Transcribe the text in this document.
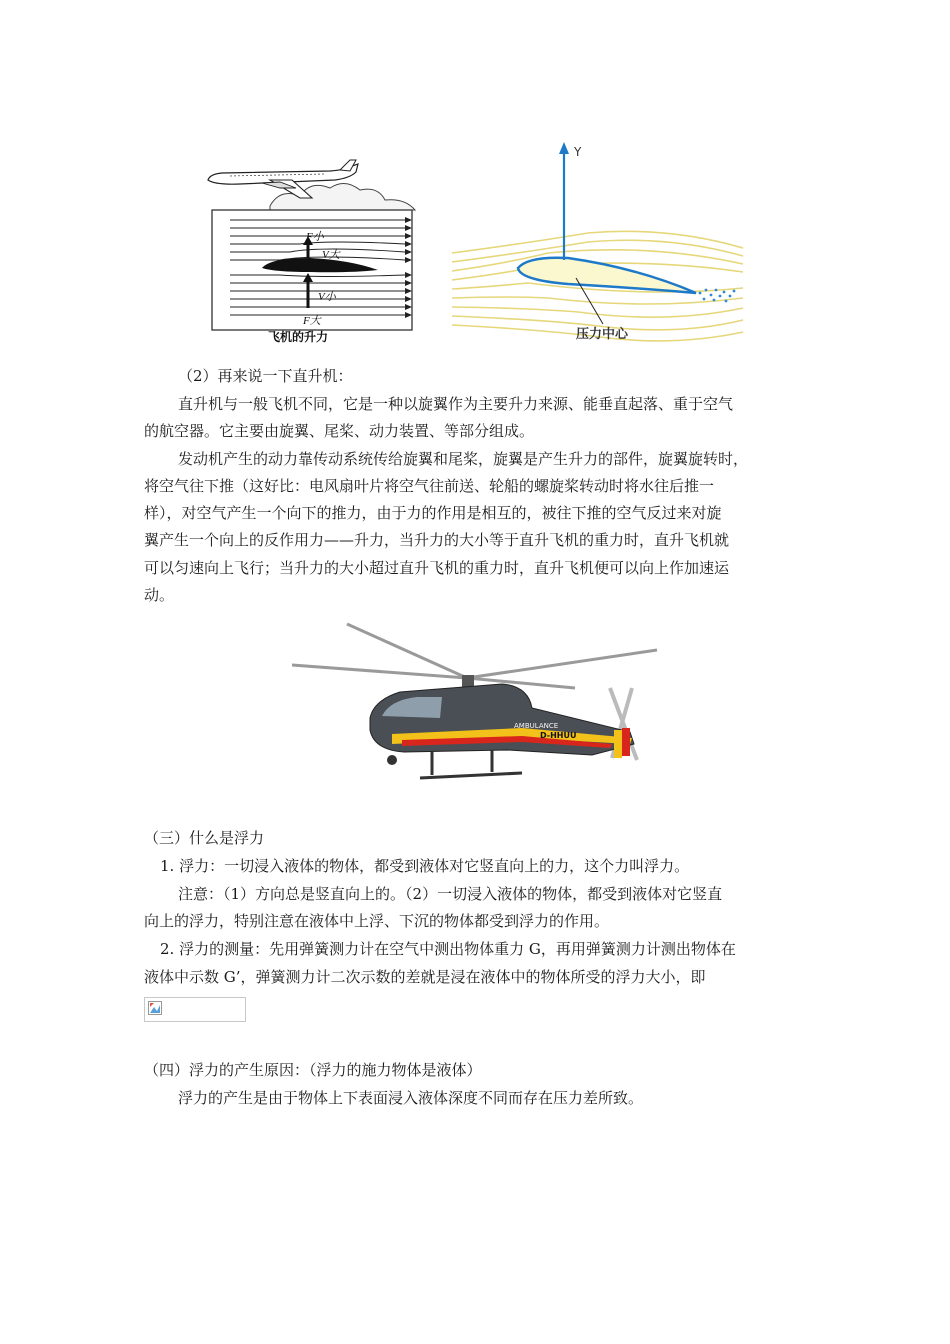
F小
V大
V小
F大
飞机的升力
Y
压力中心
（2）再来说一下直升机：
直升机与一般飞机不同，它是一种以旋翼作为主要升力来源、能垂直起落、重于空气
的航空器。它主要由旋翼、尾桨、动力装置、等部分组成。
发动机产生的动力靠传动系统传给旋翼和尾桨，旋翼是产生升力的部件，旋翼旋转时，
将空气往下推（这好比：电风扇叶片将空气往前送、轮船的螺旋桨转动时将水往后推一
样），对空气产生一个向下的推力，由于力的作用是相互的，被往下推的空气反过来对旋
翼产生一个向上的反作用力——升力，当升力的大小等于直升飞机的重力时，直升飞机就
可以匀速向上飞行；当升力的大小超过直升飞机的重力时，直升飞机便可以向上作加速运
动。
AMBULANCE
D-HHUU
（三）什么是浮力
1. 浮力：一切浸入液体的物体，都受到液体对它竖直向上的力，这个力叫浮力。
注意：（1）方向总是竖直向上的。（2）一切浸入液体的物体，都受到液体对它竖直
向上的浮力，特别注意在液体中上浮、下沉的物体都受到浮力的作用。
2. 浮力的测量：先用弹簧测力计在空气中测出物体重力 G，再用弹簧测力计测出物体在
液体中示数 G’，弹簧测力计二次示数的差就是浸在液体中的物体所受的浮力大小，即
（四）浮力的产生原因：（浮力的施力物体是液体）
浮力的产生是由于物体上下表面浸入液体深度不同而存在压力差所致。
